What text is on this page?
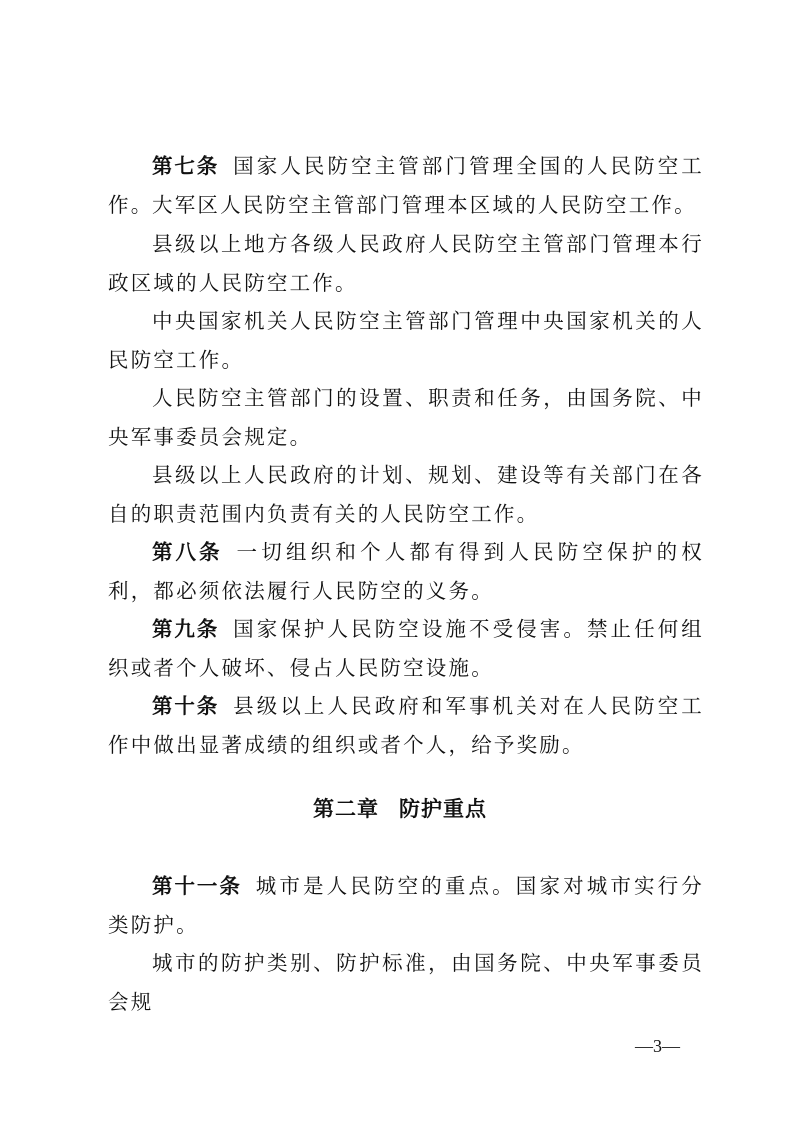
第七条 国家人民防空主管部门管理全国的人民防空工作。

大军区人民防空主管部门管理本区域的人民防空工作。

县级以上地方各级人民政府人民防空主管部门管理本行政区域的人民防空工作。

中央国家机关人民防空主管部门管理中央国家机关的人民防空工作。

人民防空主管部门的设置、职责和任务，由国务院、中央军事委员会规定。

县级以上人民政府的计划、规划、建设等有关部门在各自的职责范围内负责有关的人民防空工作。

第八条 一切组织和个人都有得到人民防空保护的权利，都必须依法履行人民防空的义务。

第九条 国家保护人民防空设施不受侵害。禁止任何组织或者个人破坏、侵占人民防空设施。

第十条 县级以上人民政府和军事机关对在人民防空工作中做出显著成绩的组织或者个人，给予奖励。

第二章 防护重点

第十一条 城市是人民防空的重点。国家对城市实行分类防护。

城市的防护类别、防护标准，由国务院、中央军事委员会规

—3—
